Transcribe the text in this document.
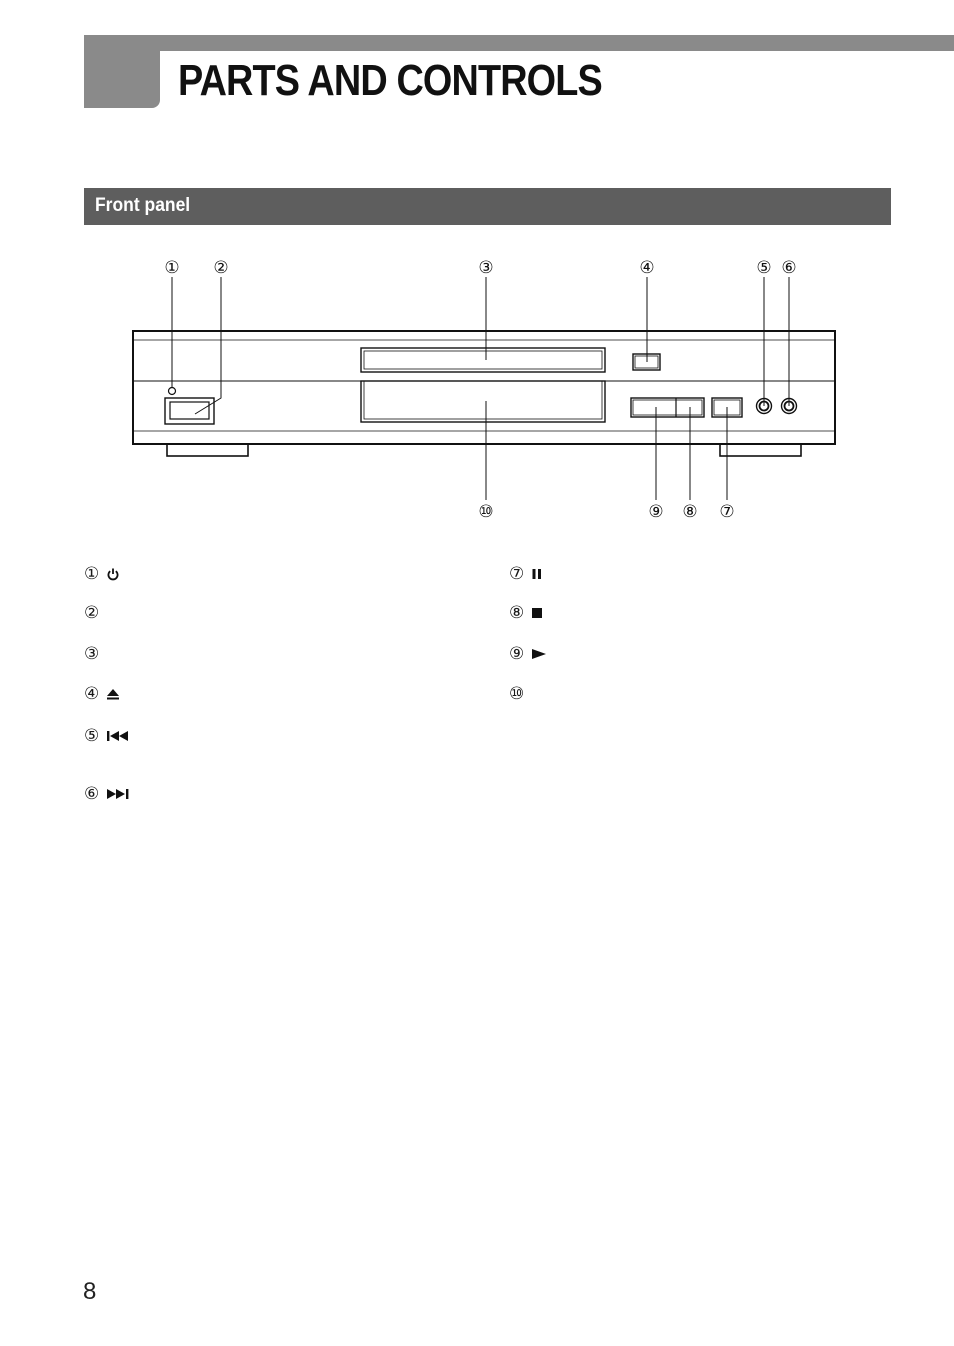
PARTS AND CONTROLS
Front panel
① ②	③	④	⑤ ⑥
⑩	⑨ ⑧ ⑦
①
②
③
④
⑤
⑥
⑦
⑧
⑨
⑩
8
